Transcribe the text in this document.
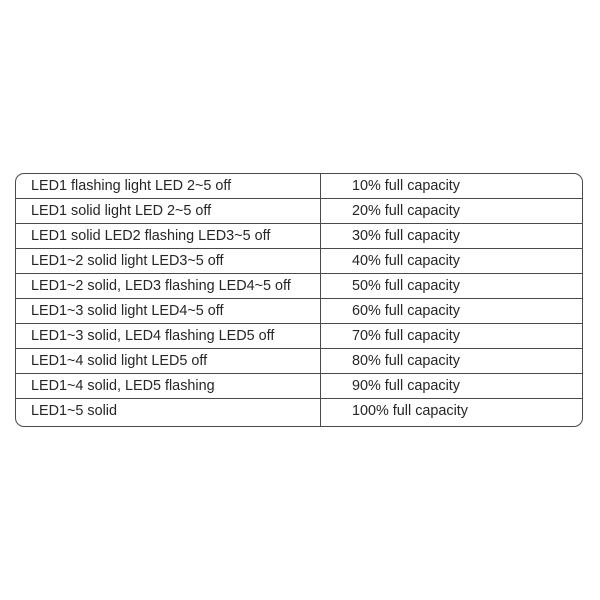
LED1 flashing light LED 2~5 off	10% full capacity
LED1 solid light LED 2~5 off	20% full capacity
LED1 solid LED2 flashing LED3~5 off	30% full capacity
LED1~2 solid light LED3~5 off	40% full capacity
LED1~2 solid, LED3 flashing LED4~5 off	50% full capacity
LED1~3 solid light LED4~5 off	60% full capacity
LED1~3 solid, LED4 flashing LED5 off	70% full capacity
LED1~4 solid light LED5 off	80% full capacity
LED1~4 solid, LED5 flashing	90% full capacity
LED1~5 solid	100% full capacity
